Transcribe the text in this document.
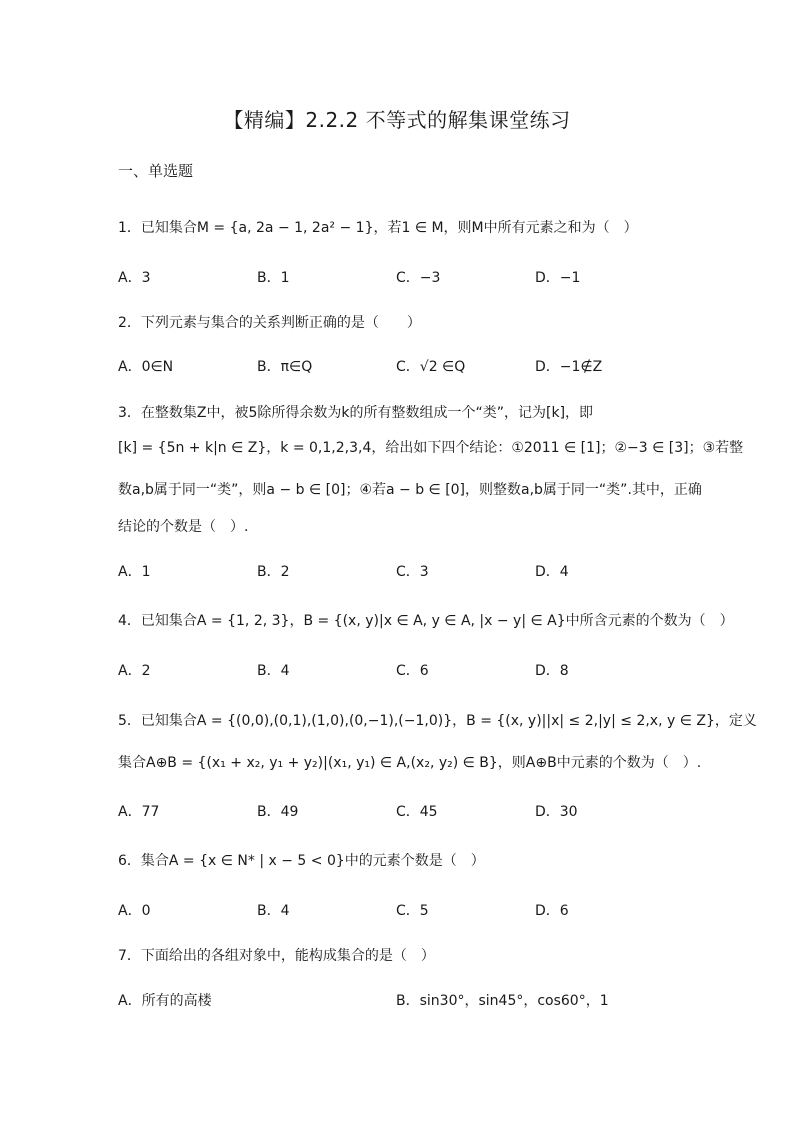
【精编】2.2.2 不等式的解集课堂练习
一、单选题
1．已知集合M = {a, 2a − 1, 2a² − 1}，若1 ∈ M，则M中所有元素之和为（　）
A．3	B．1	C．−3	D．−1
2．下列元素与集合的关系判断正确的是（　　）
A．0∈N	B．π∈Q	C．√2 ∈Q	D．−1∉Z
3．在整数集Z中，被5除所得余数为k的所有整数组成一个“类”，记为[k]，即
[k] = {5n + k|n ∈ Z}，k = 0,1,2,3,4，给出如下四个结论：①2011 ∈ [1]；②−3 ∈ [3]；③若整
数a,b属于同一“类”，则a − b ∈ [0]；④若a − b ∈ [0]，则整数a,b属于同一“类”.其中，正确
结论的个数是（　）.
A．1	B．2	C．3	D．4
4．已知集合A = {1, 2, 3}，B = {(x, y)|x ∈ A, y ∈ A, |x − y| ∈ A}中所含元素的个数为（　）
A．2	B．4	C．6	D．8
5．已知集合A = {(0,0),(0,1),(1,0),(0,−1),(−1,0)}，B = {(x, y)||x| ≤ 2,|y| ≤ 2,x, y ∈ Z}，定义
集合A⊕B = {(x₁ + x₂, y₁ + y₂)|(x₁, y₁) ∈ A,(x₂, y₂) ∈ B}，则A⊕B中元素的个数为（　）.
A．77	B．49	C．45	D．30
6．集合A = {x ∈ N* | x − 5 < 0}中的元素个数是（　）
A．0	B．4	C．5	D．6
7．下面给出的各组对象中，能构成集合的是（　）
A．所有的高楼	B．sin30°，sin45°，cos60°，1
